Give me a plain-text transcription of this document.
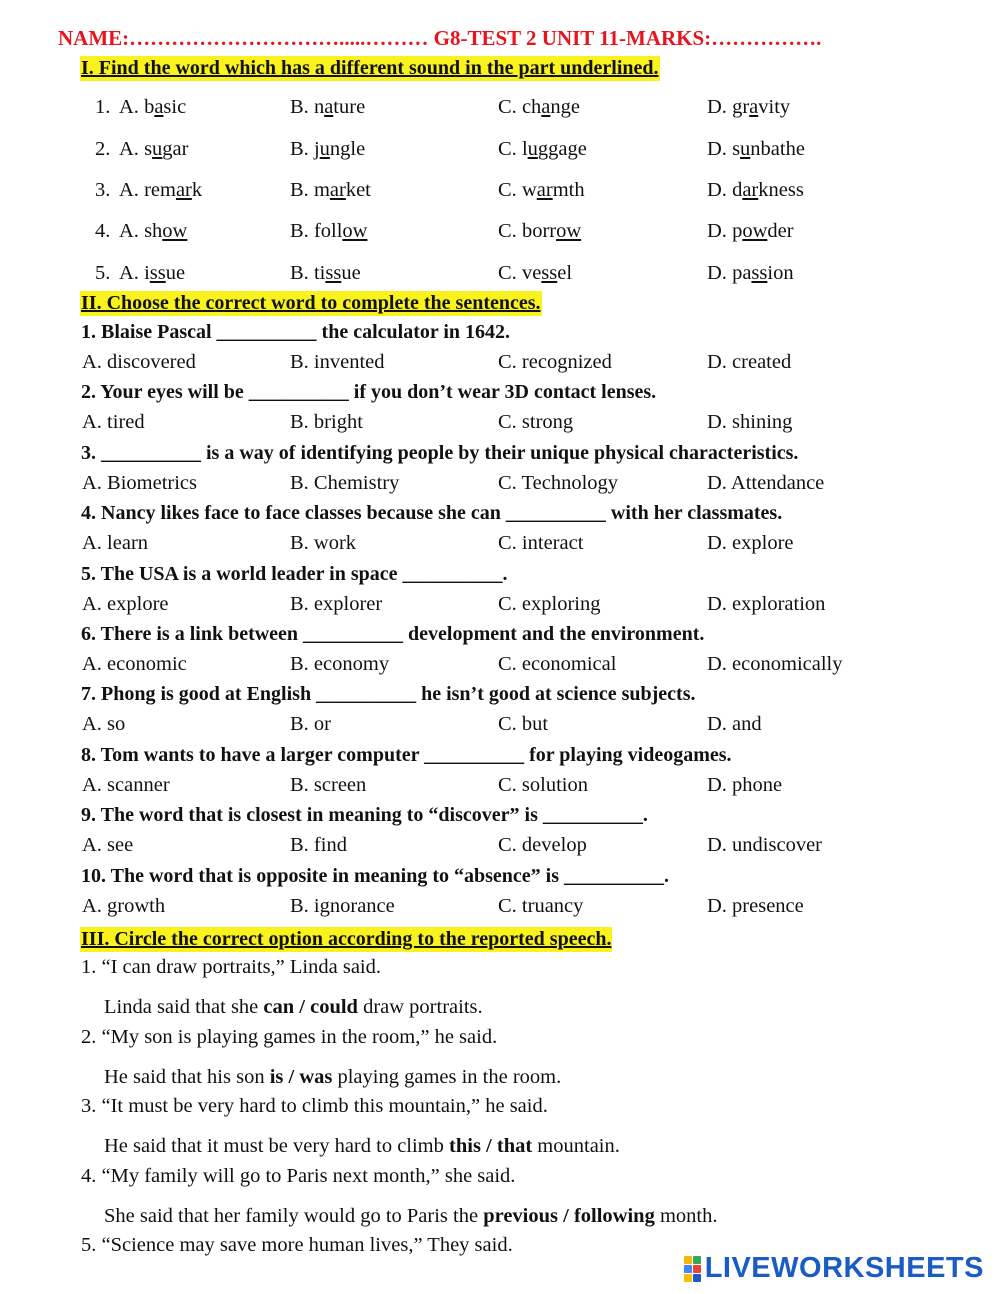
NAME:………………………….....……… G8-TEST 2 UNIT 11-MARKS:…………….
I. Find the word which has a different sound in the part underlined.
1. A. basic	B. nature	C. change	D. gravity
2. A. sugar	B. jungle	C. luggage	D. sunbathe
3. A. remark	B. market	C. warmth	D. darkness
4. A. show	B. follow	C. borrow	D. powder
5. A. issue	B. tissue	C. vessel	D. passion
II. Choose the correct word to complete the sentences.
1. Blaise Pascal __________ the calculator in 1642.
A. discovered	B. invented	C. recognized	D. created
2. Your eyes will be __________ if you don’t wear 3D contact lenses.
A. tired	B. bright	C. strong	D. shining
3. __________ is a way of identifying people by their unique physical characteristics.
A. Biometrics	B. Chemistry	C. Technology	D. Attendance
4. Nancy likes face to face classes because she can __________ with her classmates.
A. learn	B. work	C. interact	D. explore
5. The USA is a world leader in space __________.
A. explore	B. explorer	C. exploring	D. exploration
6. There is a link between __________ development and the environment.
A. economic	B. economy	C. economical	D. economically
7. Phong is good at English __________ he isn’t good at science subjects.
A. so	B. or	C. but	D. and
8. Tom wants to have a larger computer __________ for playing videogames.
A. scanner	B. screen	C. solution	D. phone
9. The word that is closest in meaning to “discover” is __________.
A. see	B. find	C. develop	D. undiscover
10. The word that is opposite in meaning to “absence” is __________.
A. growth	B. ignorance	C. truancy	D. presence
III. Circle the correct option according to the reported speech.
1. “I can draw portraits,” Linda said.
Linda said that she can / could draw portraits.
2. “My son is playing games in the room,” he said.
He said that his son is / was playing games in the room.
3. “It must be very hard to climb this mountain,” he said.
He said that it must be very hard to climb this / that mountain.
4. “My family will go to Paris next month,” she said.
She said that her family would go to Paris the previous / following month.
5. “Science may save more human lives,” They said.
LIVEWORKSHEETS
